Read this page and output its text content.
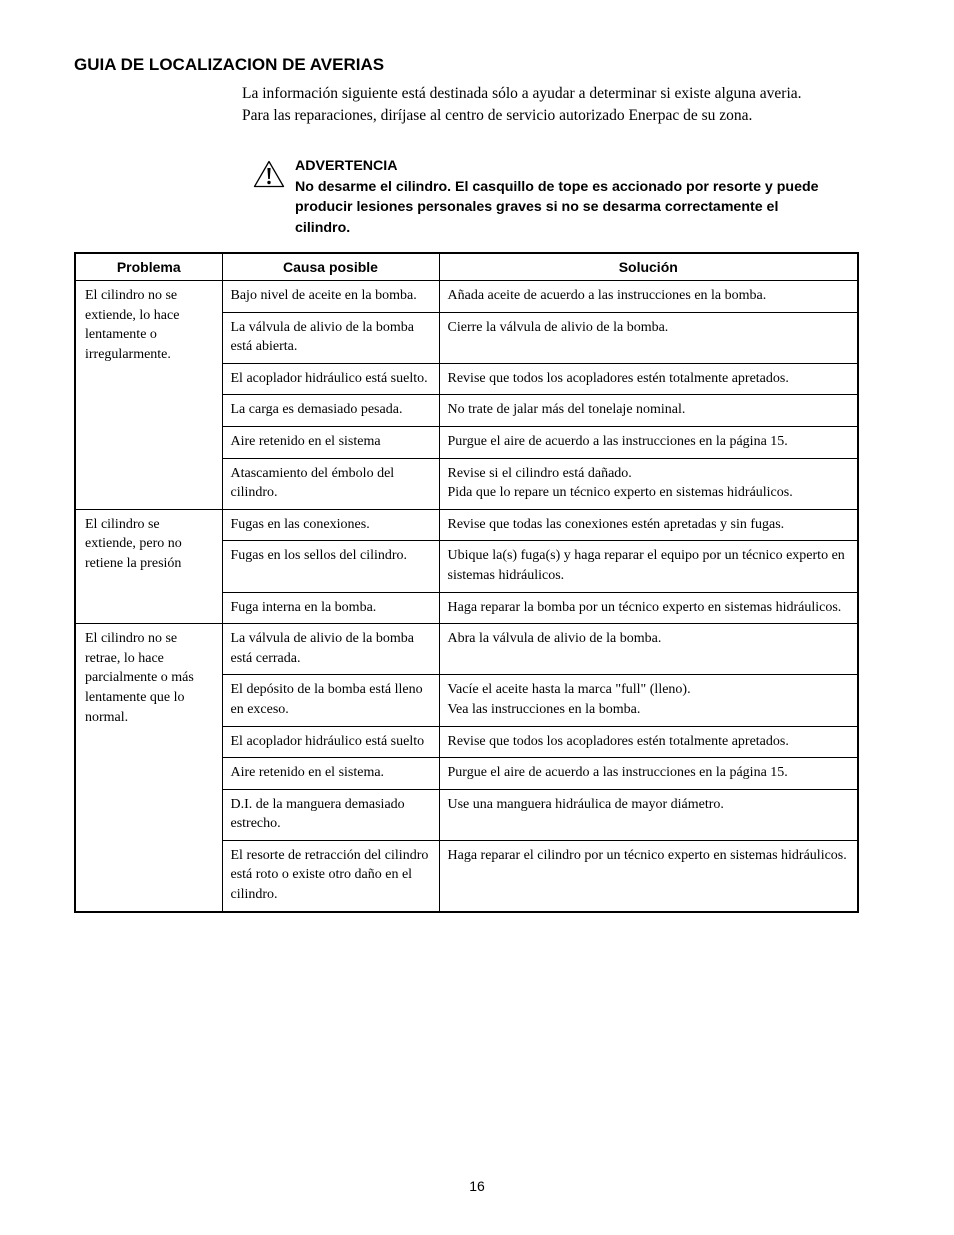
GUIA DE LOCALIZACION DE AVERIAS

La información siguiente está destinada sólo a ayudar a determinar si existe alguna averia. Para las reparaciones, diríjase al centro de servicio autorizado Enerpac de su zona.

ADVERTENCIA
No desarme el cilindro. El casquillo de tope es accionado por resorte y puede producir lesiones personales graves si no se desarma correctamente el cilindro.
Problema	Causa posible	Solución
El cilindro no se extiende, lo hace lentamente o irregularmente.	Bajo nivel de aceite en la bomba.	Añada aceite de acuerdo a las instrucciones en la bomba.
	La válvula de alivio de la bomba está abierta.	Cierre la válvula de alivio de la bomba.
	El acoplador hidráulico está suelto.	Revise que todos los acopladores estén totalmente apretados.
	La carga es demasiado pesada.	No trate de jalar más del tonelaje nominal.
	Aire retenido en el sistema	Purgue el aire de acuerdo a las instrucciones en la página 15.
	Atascamiento del émbolo del cilindro.	Revise si el cilindro está dañado.
Pida que lo repare un técnico experto en sistemas hidráulicos.
El cilindro se extiende, pero no retiene la presión	Fugas en las conexiones.	Revise que todas las conexiones estén apretadas y sin fugas.
	Fugas en los sellos del cilindro.	Ubique la(s) fuga(s) y haga reparar el equipo por un técnico experto en sistemas hidráulicos.
	Fuga interna en la bomba.	Haga reparar la bomba por un técnico experto en sistemas hidráulicos.
El cilindro no se retrae, lo hace parcialmente o más lentamente que lo normal.	La válvula de alivio de la bomba está cerrada.	Abra la válvula de alivio de la bomba.
	El depósito de la bomba está lleno en exceso.	Vacíe el aceite hasta la marca "full" (lleno).
Vea las instrucciones en la bomba.
	El acoplador hidráulico está suelto	Revise que todos los acopladores estén totalmente apretados.
	Aire retenido en el sistema.	Purgue el aire de acuerdo a las instrucciones en la página 15.
	D.I. de la manguera demasiado estrecho.	Use una manguera hidráulica de mayor diámetro.
	El resorte de retracción del cilindro está roto o existe otro daño en el cilindro.	Haga reparar el cilindro por un técnico experto en sistemas hidráulicos.
16
